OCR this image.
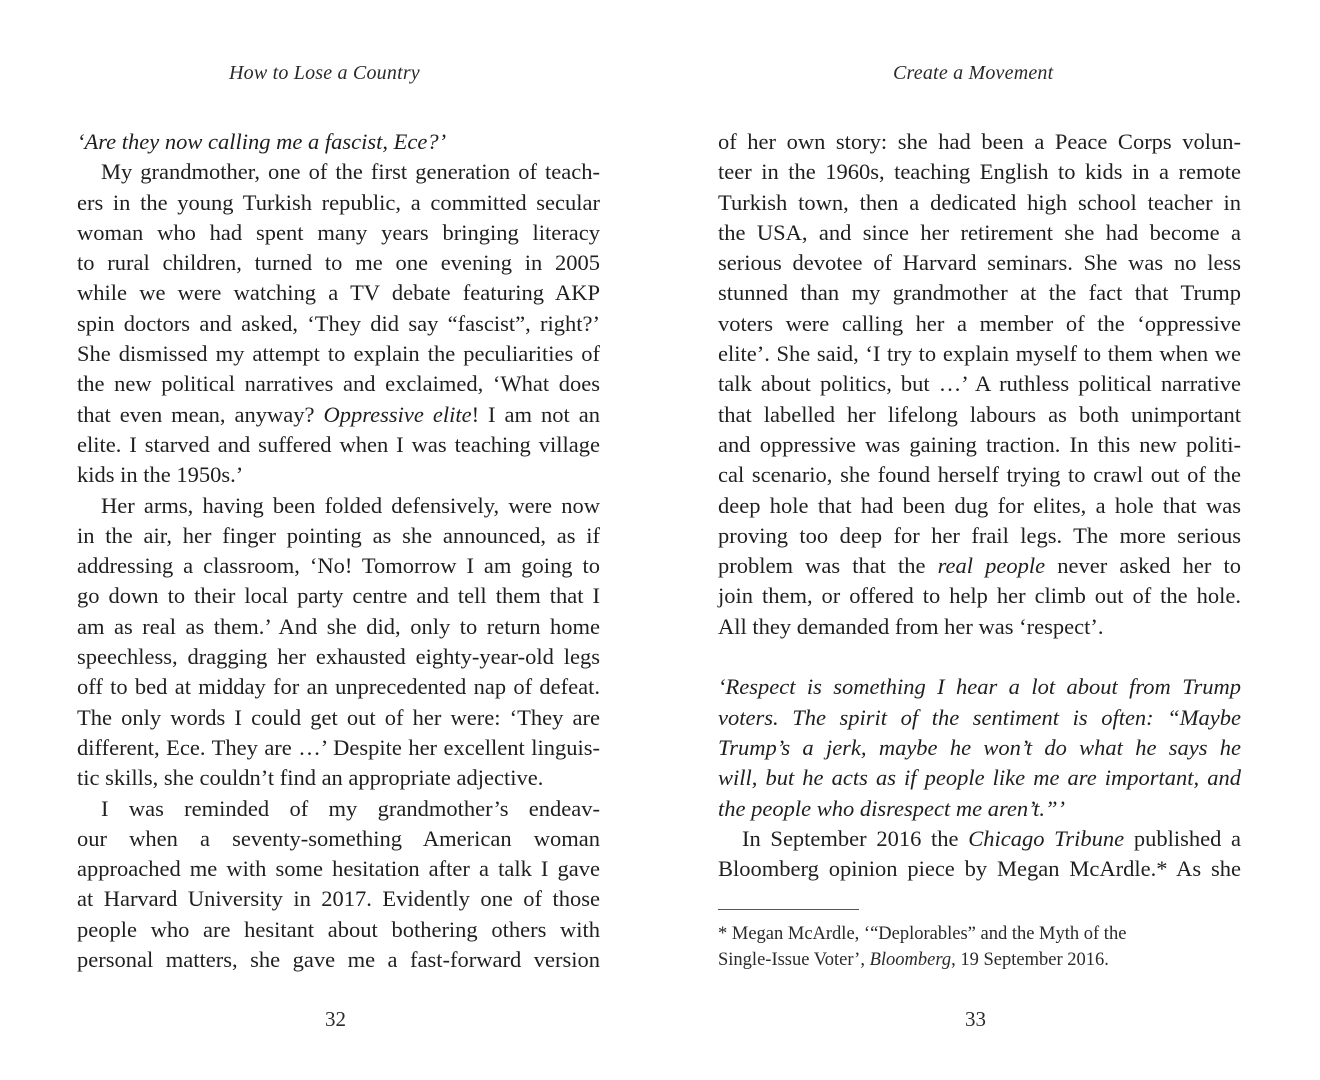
How to Lose a Country
‘Are they now calling me a fascist, Ece?’
My grandmother, one of the first generation of teach-
ers in the young Turkish republic, a committed secular
woman who had spent many years bringing literacy
to rural children, turned to me one evening in 2005
while we were watching a TV debate featuring AKP
spin doctors and asked, ‘They did say “fascist”, right?’
She dismissed my attempt to explain the peculiarities of
the new political narratives and exclaimed, ‘What does
that even mean, anyway? Oppressive elite! I am not an
elite. I starved and suffered when I was teaching village
kids in the 1950s.’
Her arms, having been folded defensively, were now
in the air, her finger pointing as she announced, as if
addressing a classroom, ‘No! Tomorrow I am going to
go down to their local party centre and tell them that I
am as real as them.’ And she did, only to return home
speechless, dragging her exhausted eighty-year-old legs
off to bed at midday for an unprecedented nap of defeat.
The only words I could get out of her were: ‘They are
different, Ece. They are …’ Despite her excellent linguis-
tic skills, she couldn’t find an appropriate adjective.
I was reminded of my grandmother’s endeav-
our when a seventy-something American woman
approached me with some hesitation after a talk I gave
at Harvard University in 2017. Evidently one of those
people who are hesitant about bothering others with
personal matters, she gave me a fast-forward version
32
Create a Movement
of her own story: she had been a Peace Corps volun-
teer in the 1960s, teaching English to kids in a remote
Turkish town, then a dedicated high school teacher in
the USA, and since her retirement she had become a
serious devotee of Harvard seminars. She was no less
stunned than my grandmother at the fact that Trump
voters were calling her a member of the ‘oppressive
elite’. She said, ‘I try to explain myself to them when we
talk about politics, but …’ A ruthless political narrative
that labelled her lifelong labours as both unimportant
and oppressive was gaining traction. In this new politi-
cal scenario, she found herself trying to crawl out of the
deep hole that had been dug for elites, a hole that was
proving too deep for her frail legs. The more serious
problem was that the real people never asked her to
join them, or offered to help her climb out of the hole.
All they demanded from her was ‘respect’.
‘Respect is something I hear a lot about from Trump
voters. The spirit of the sentiment is often: “Maybe
Trump’s a jerk, maybe he won’t do what he says he
will, but he acts as if people like me are important, and
the people who disrespect me aren’t.”’
In September 2016 the Chicago Tribune published a
Bloomberg opinion piece by Megan McArdle.* As she
* Megan McArdle, ‘“Deplorables” and the Myth of the
Single-Issue Voter’, Bloomberg, 19 September 2016.
33
